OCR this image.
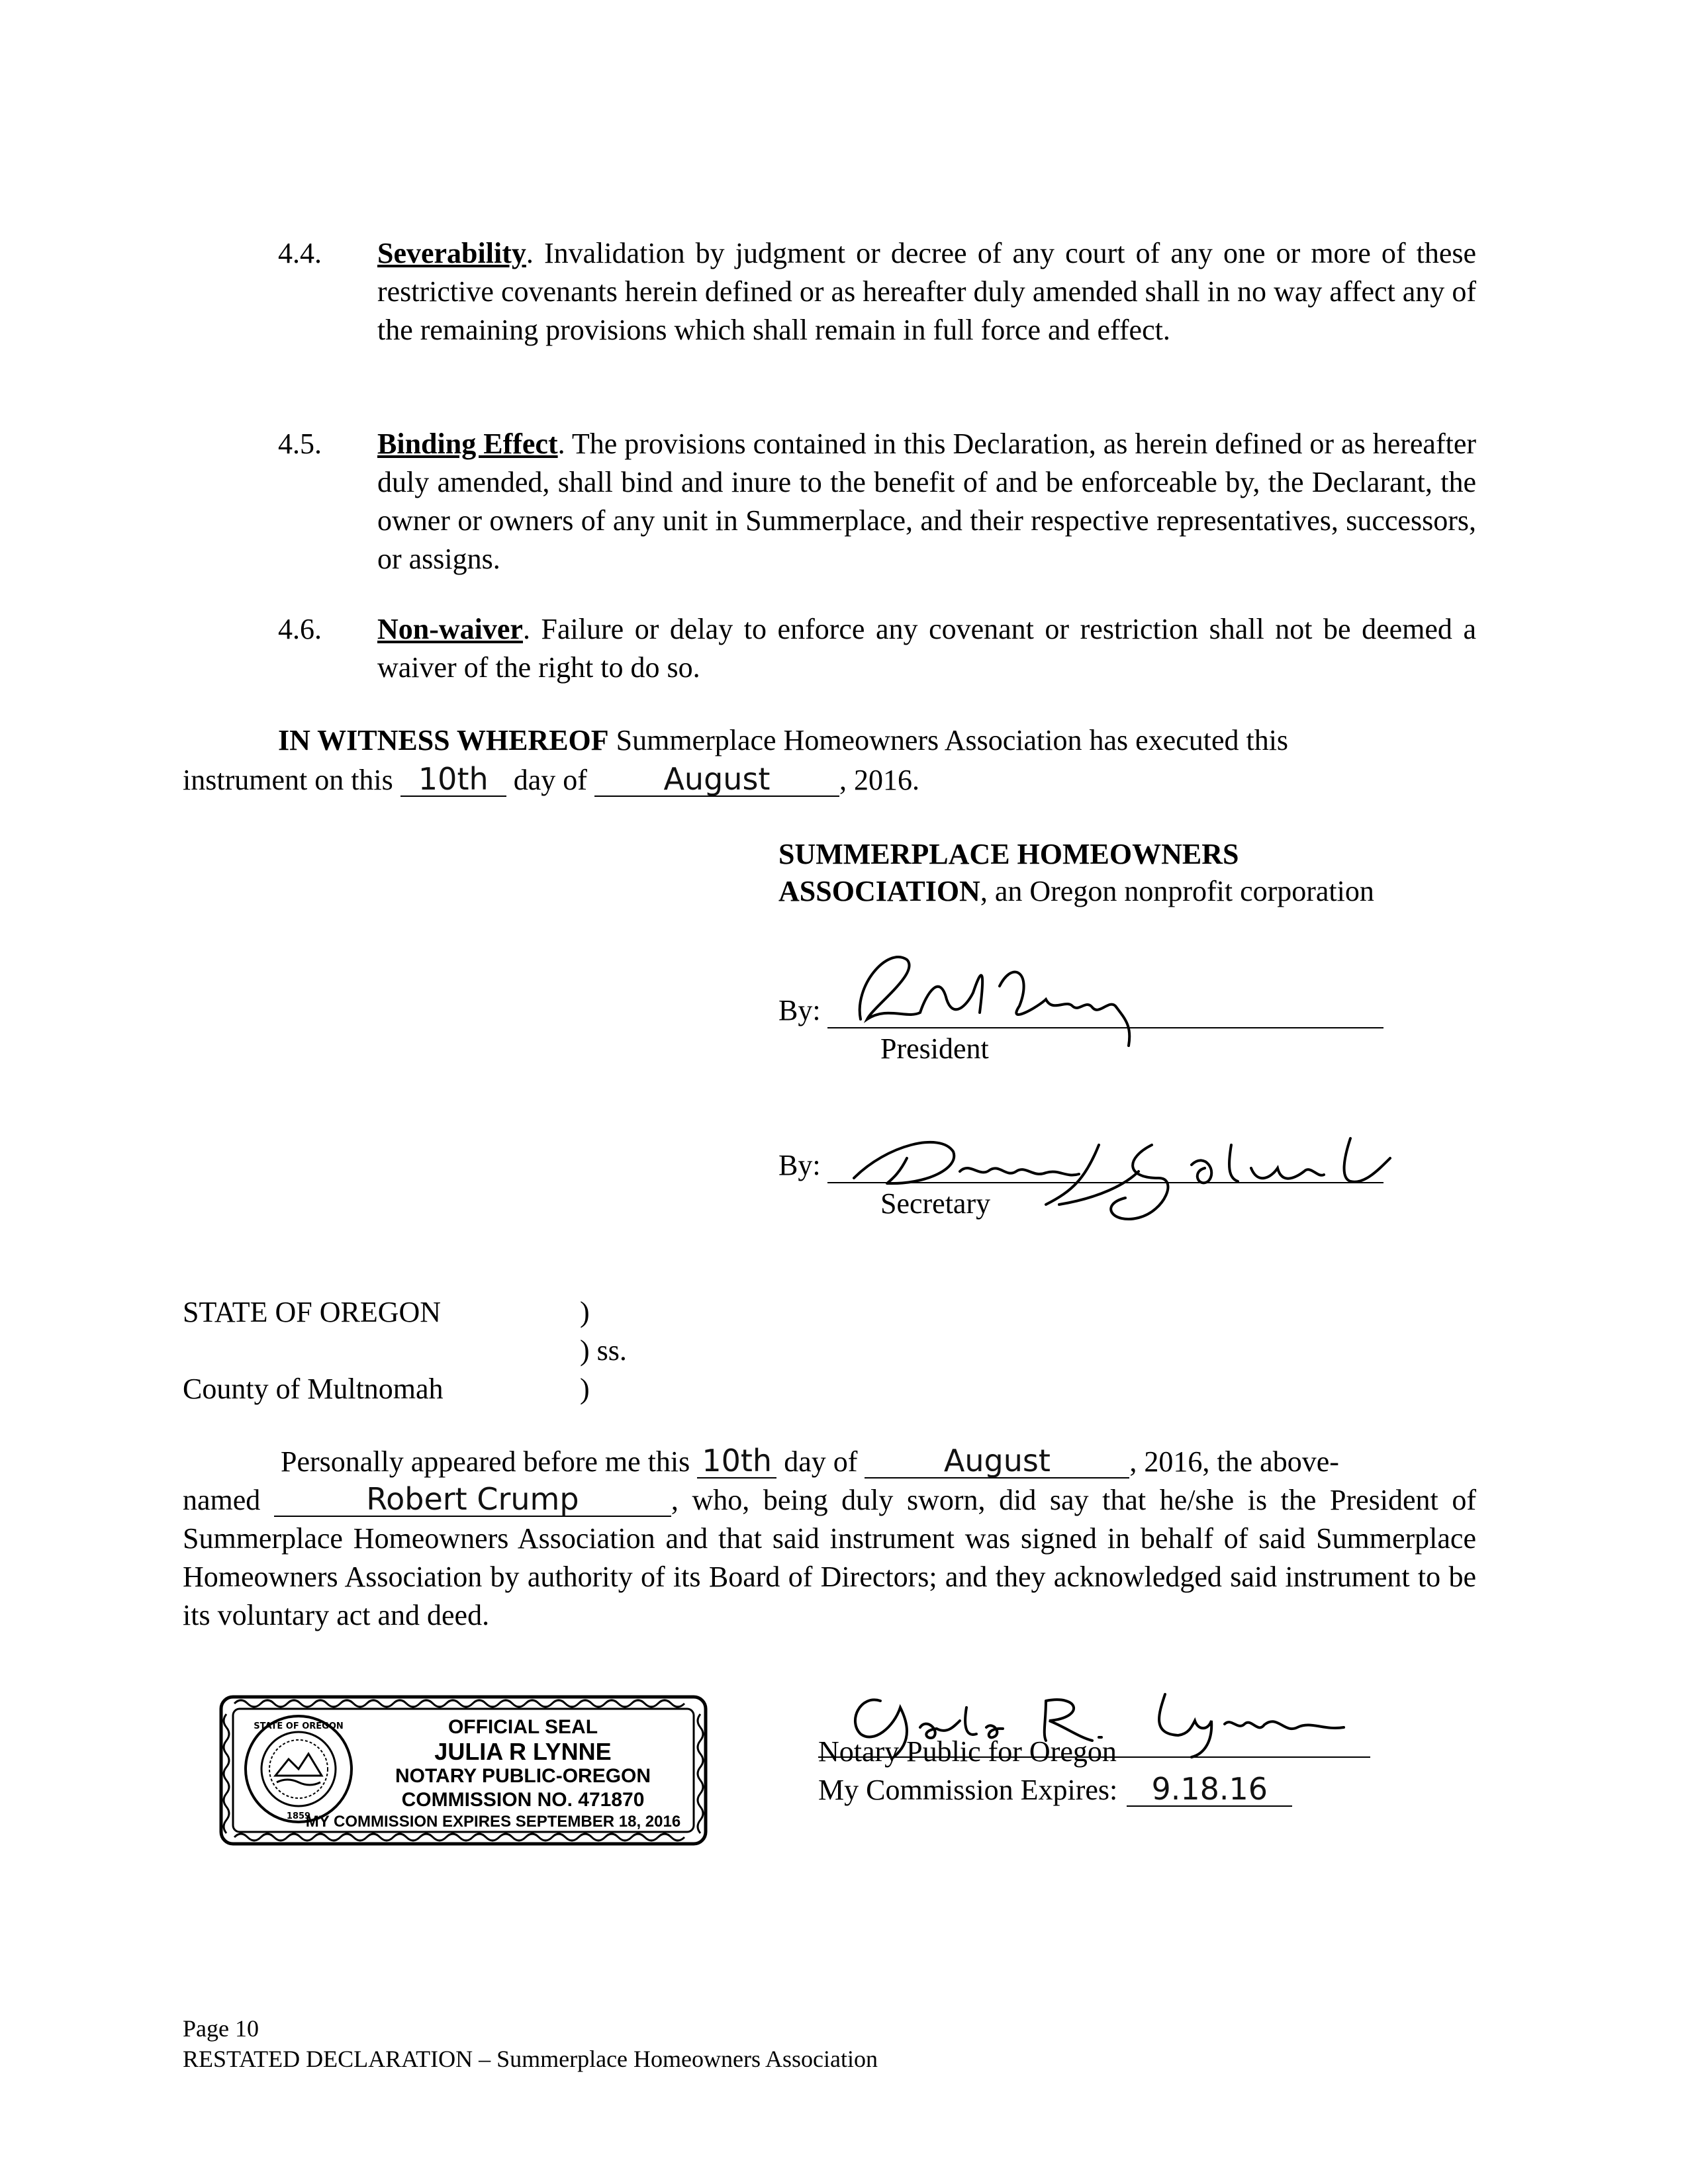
4.4. Severability. Invalidation by judgment or decree of any court of any one or more of these restrictive covenants herein defined or as hereafter duly amended shall in no way affect any of the remaining provisions which shall remain in full force and effect.
4.5. Binding Effect. The provisions contained in this Declaration, as herein defined or as hereafter duly amended, shall bind and inure to the benefit of and be enforceable by, the Declarant, the owner or owners of any unit in Summerplace, and their respective representatives, successors, or assigns.
4.6. Non-waiver. Failure or delay to enforce any covenant or restriction shall not be deemed a waiver of the right to do so.
IN WITNESS WHEREOF Summerplace Homeowners Association has executed this
instrument on this 10th day of August , 2016.
SUMMERPLACE HOMEOWNERS
ASSOCIATION, an Oregon nonprofit corporation
By:
President
By:
Secretary
STATE OF OREGON	)
) ss.
County of Multnomah	)
Personally appeared before me this 10th day of	August	, 2016, the above-
named	Robert Crump	, who, being duly sworn, did say that he/she is the President of Summerplace Homeowners Association and that said instrument was signed in behalf of said Summerplace Homeowners Association by authority of its Board of Directors; and they acknowledged said instrument to be its voluntary act and deed.
STATE OF OREGON
1859
OFFICIAL SEAL
JULIA R LYNNE
NOTARY PUBLIC-OREGON
COMMISSION NO. 471870
MY COMMISSION EXPIRES SEPTEMBER 18, 2016
Notary Public for Oregon
My Commission Expires: 9.18.16
Page 10
RESTATED DECLARATION – Summerplace Homeowners Association
